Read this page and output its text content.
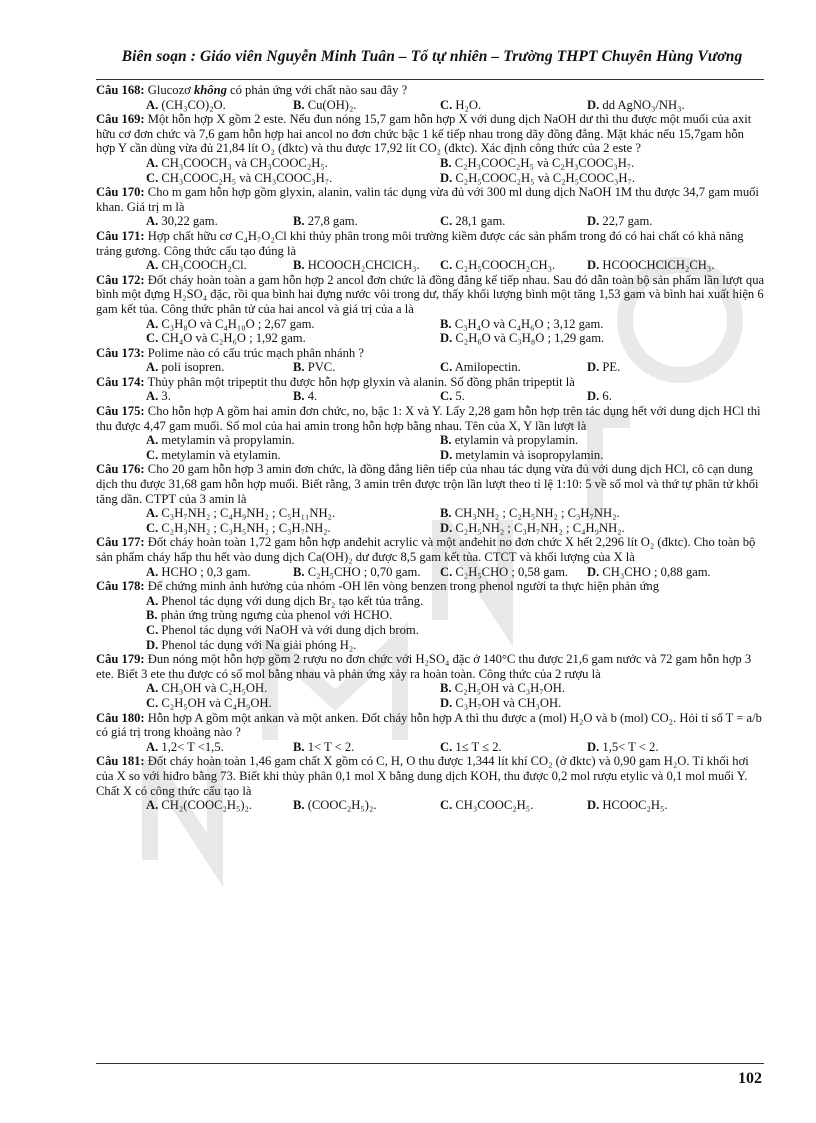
Biên soạn : Giáo viên Nguyễn Minh Tuân – Tổ tự nhiên – Trường THPT Chuyên Hùng Vương
Câu 168: Glucozơ không có phản ứng với chất nào sau đây ?
A. (CH₃CO)₂O.	B. Cu(OH)₂.	C. H₂O.	D. dd AgNO₃/NH₃.
Câu 169: Một hỗn hợp X gồm 2 este. Nếu đun nóng 15,7 gam hỗn hợp X với dung dịch NaOH dư thì thu được một muối của axit hữu cơ đơn chức và 7,6 gam hỗn hợp hai ancol no đơn chức bậc 1 kế tiếp nhau trong dãy đồng đẳng. Mặt khác nếu 15,7gam hỗn hợp Y cần dùng vừa đủ 21,84 lít O₂ (đktc) và thu được 17,92 lít CO₂ (đktc). Xác định công thức của 2 este ?
A. CH₃COOCH₃ và CH₃COOC₂H₅.	B. C₂H₃COOC₂H₅ và C₂H₃COOC₃H₇.
C. CH₃COOC₂H₅ và CH₃COOC₃H₇.	D. C₂H₅COOC₂H₅ và C₂H₅COOC₃H₇.
Câu 170: Cho m gam hỗn hợp gồm glyxin, alanin, valin tác dụng vừa đủ với 300 ml dung dịch NaOH 1M thu được 34,7 gam muối khan. Giá trị m là
A. 30,22 gam.	B. 27,8 gam.	C. 28,1 gam.	D. 22,7 gam.
Câu 171: Hợp chất hữu cơ C₄H₇O₂Cl khi thủy phân trong môi trường kiềm được các sản phẩm trong đó có hai chất có khả năng tráng gương. Công thức cấu tạo đúng là
A. CH₃COOCH₂Cl.	B. HCOOCH₂CHClCH₃.	C. C₂H₅COOCH₂CH₃.	D. HCOOCHClCH₂CH₃.
Câu 172: Đốt cháy hoàn toàn a gam hỗn hợp 2 ancol đơn chức là đồng đẳng kế tiếp nhau. Sau đó dẫn toàn bộ sản phẩm lần lượt qua bình một đựng H₂SO₄ đặc, rồi qua bình hai đựng nước vôi trong dư, thấy khối lượng bình một tăng 1,53 gam và bình hai xuất hiện 6 gam kết tủa. Công thức phân tử của hai ancol và giá trị của a là
A. C₃H₈O và C₄H₁₀O ; 2,67 gam.	B. C₃H₄O và C₄H₆O ; 3,12 gam.
C. CH₄O và C₂H₆O ; 1,92 gam.	D. C₂H₆O và C₃H₈O ; 1,29 gam.
Câu 173: Polime nào có cấu trúc mạch phân nhánh ?
A. poli isopren.	B. PVC.	C. Amilopectin.	D. PE.
Câu 174: Thủy phân một tripeptit thu được hỗn hợp glyxin và alanin. Số đồng phân tripeptit là
A. 3.	B. 4.	C. 5.	D. 6.
Câu 175: Cho hỗn hợp A gồm hai amin đơn chức, no, bậc 1: X và Y. Lấy 2,28 gam hỗn hợp trên tác dụng hết với dung dịch HCl thì thu được 4,47 gam muối. Số mol của hai amin trong hỗn hợp bằng nhau. Tên của X, Y lần lượt là
A. metylamin và propylamin.	B. etylamin và propylamin.
C. metylamin và etylamin.	D. metylamin và isopropylamin.
Câu 176: Cho 20 gam hỗn hợp 3 amin đơn chức, là đồng đẳng liên tiếp của nhau tác dụng vừa đủ với dung dịch HCl, cô cạn dung dịch thu được 31,68 gam hỗn hợp muối. Biết rằng, 3 amin trên được trộn lần lượt theo tỉ lệ 1:10: 5 về số mol và thứ tự phân tử khối tăng dần. CTPT của 3 amin là
A. C₃H₇NH₂ ; C₄H₉NH₂ ; C₅H₁₁NH₂.	B. CH₃NH₂ ; C₂H₅NH₂ ; C₃H₇NH₂.
C. C₂H₃NH₂ ; C₃H₅NH₂ ; C₃H₇NH₂.	D. C₂H₅NH₂ ; C₃H₇NH₂ ; C₄H₉NH₂.
Câu 177: Đốt cháy hoàn toàn 1,72 gam hỗn hợp anđehit acrylic và một anđehit no đơn chức X hết 2,296 lít O₂ (đktc). Cho toàn bộ sản phẩm cháy hấp thu hết vào dung dịch Ca(OH)₂ dư được 8,5 gam kết tủa. CTCT và khối lượng của X là
A. HCHO ; 0,3 gam.	B. C₂H₅CHO ; 0,70 gam.	C. C₂H₅CHO ; 0,58 gam.	D. CH₃CHO ; 0,88 gam.
Câu 178: Để chứng minh ảnh hưởng của nhóm -OH lên vòng benzen trong phenol người ta thực hiện phản ứng
A. Phenol tác dụng với dung dịch Br₂ tạo kết tủa trắng.
B. phản ứng trùng ngưng của phenol với HCHO.
C. Phenol tác dụng với NaOH và với dung dịch brom.
D. Phenol tác dụng với Na giải phóng H₂.
Câu 179: Đun nóng một hỗn hợp gồm 2 rượu no đơn chức với H₂SO₄ đặc ở 140°C thu được 21,6 gam nước và 72 gam hỗn hợp 3 ete. Biết 3 ete thu được có số mol bằng nhau và phản ứng xảy ra hoàn toàn. Công thức của 2 rượu là
A. CH₃OH và C₂H₅OH.	B. C₂H₅OH và C₃H₇OH.
C. C₂H₅OH và C₄H₉OH.	D. C₃H₇OH và CH₃OH.
Câu 180: Hỗn hợp A gồm một ankan và một anken. Đốt cháy hỗn hợp A thì thu được a (mol) H₂O và b (mol) CO₂. Hỏi tỉ số T = a/b có giá trị trong khoảng nào ?
A. 1,2< T <1,5.	B. 1< T < 2.	C. 1≤ T ≤ 2.	D. 1,5< T < 2.
Câu 181: Đốt cháy hoàn toàn 1,46 gam chất X gồm có C, H, O thu được 1,344 lít khí CO₂ (ở đktc) và 0,90 gam H₂O. Tỉ khối hơi của X so với hiđro bằng 73. Biết khi thủy phân 0,1 mol X bằng dung dịch KOH, thu được 0,2 mol rượu etylic và 0,1 mol muối Y. Chất X có công thức cấu tạo là
A. CH₂(COOC₂H₅)₂.	B. (COOC₂H₅)₂.	C. CH₃COOC₂H₅.	D. HCOOC₂H₅.
102
